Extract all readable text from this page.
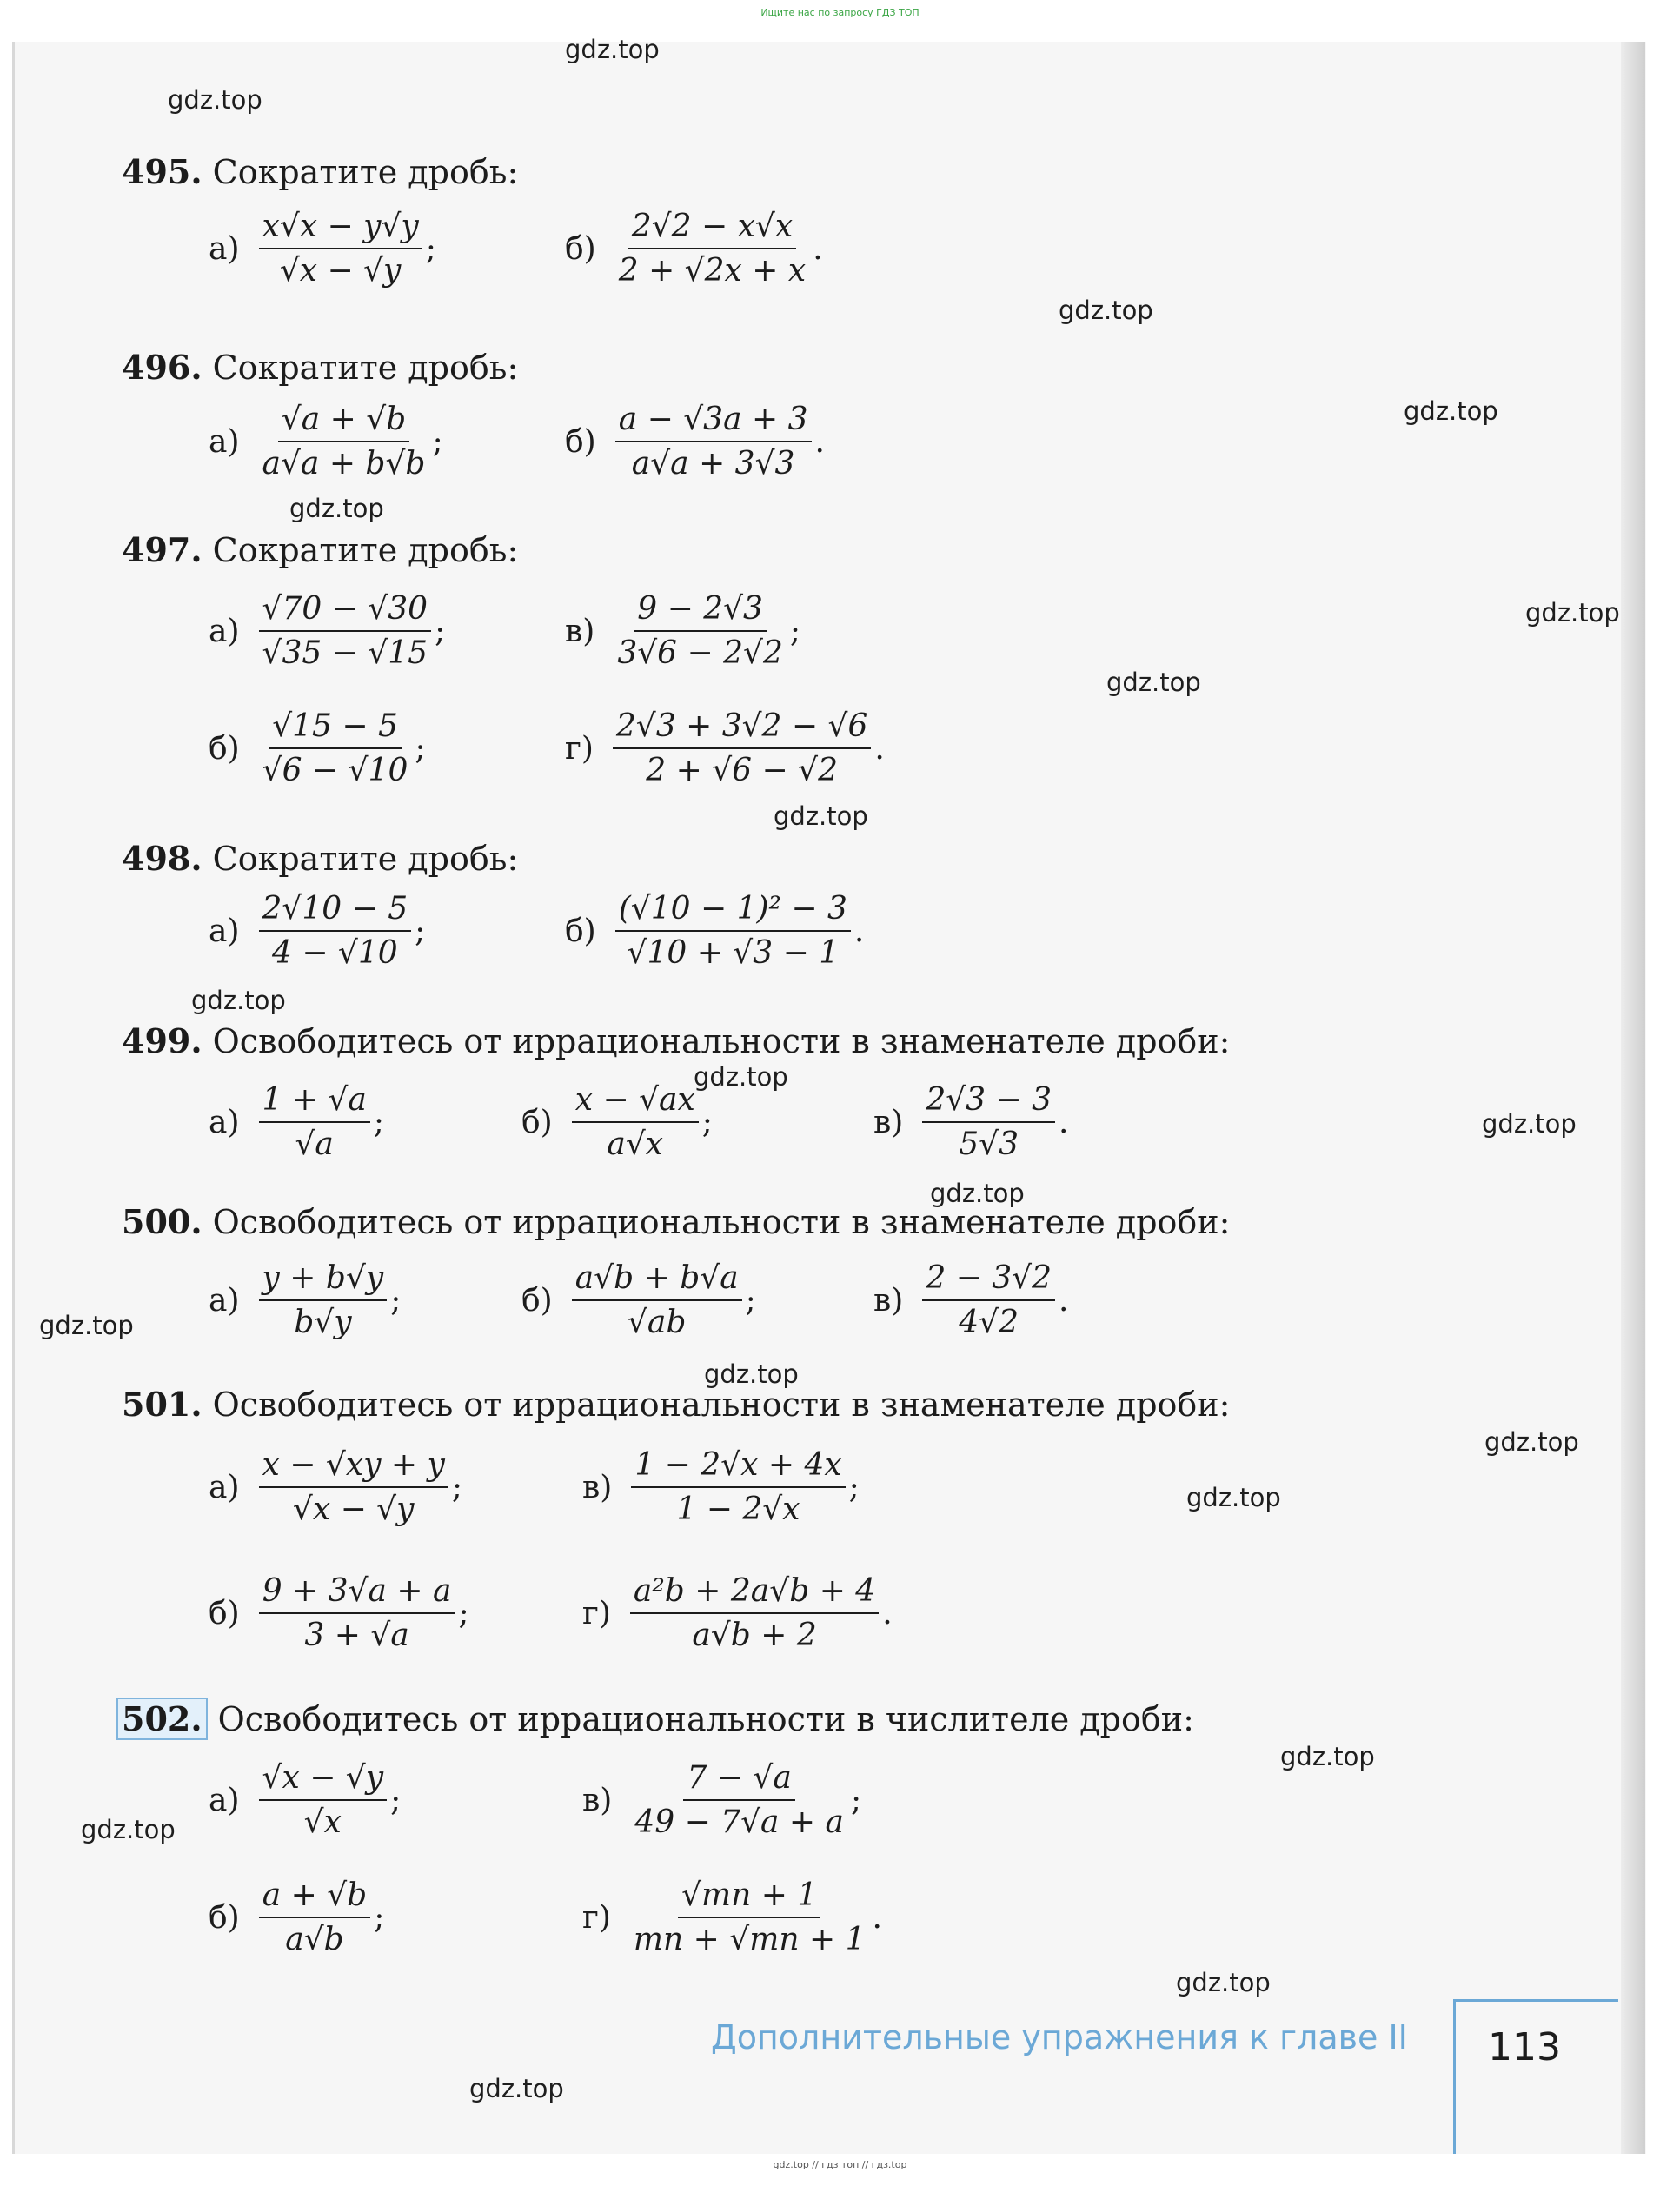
Ищите нас по запросу ГДЗ ТОП
gdz.top
gdz.top
gdz.top
gdz.top
gdz.top
gdz.top
gdz.top
gdz.top
gdz.top
gdz.top
gdz.top
gdz.top
gdz.top
gdz.top
gdz.top
gdz.top
gdz.top
gdz.top
gdz.top
gdz.top
495. Сократите дробь:
$а) \frac{x√x - y√y}{√x - √y}$ ;	$б) \frac{2√2 - x√x}{2 + √2x + x}$ .
496. Сократите дробь:
$а) \frac{√a + √b}{a√a + b√b}$ ;	$б) \frac{a - √3a + 3}{a√a + 3√3}$ .
497. Сократите дробь:
$а) \frac{√70 - √30}{√35 - √15}$ ;	$в) \frac{9 - 2√3}{3√6 - 2√2}$ ;
$б) \frac{√15 - 5}{√6 - √10}$ ;	$г) \frac{2√3 + 3√2 - √6}{2 + √6 - √2}$ .
498. Сократите дробь:
$а) \frac{2√10 - 5}{4 - √10}$ ;	$б) \frac{\text{(√10 − 1)² − 3}}{√10 + √3 - 1}$ .
499. Освободитесь от иррациональности в знаменателе дроби:
$а) \frac{1 + √a}{√a}$ ;	$б) \frac{x - √ax}{a√x}$ ;	$в) \frac{2√3 - 3}{5√3}$ .
500. Освободитесь от иррациональности в знаменателе дроби:
$а) \frac{y + b√y}{b√y}$ ;	$б) \frac{a√b + b√a}{√ab}$ ;	$в) \frac{2 - 3√2}{4√2}$ .
501. Освободитесь от иррациональности в знаменателе дроби:
$а) \frac{x - √xy + y}{√x - √y}$ ;	$в) \frac{1 - 2√x + 4x}{1 - 2√x}$ ;
$б) \frac{9 + 3√a + a}{3 + √a}$ ;	$г) \frac{\text{a²b + 2a√b + 4}}{a√b + 2}$ .
502. Освободитесь от иррациональности в числителе дроби:
$а) \frac{√x - √y}{√x}$ ;	$в) \frac{7 - √a}{49 - 7√a + a}$ ;
$б) \frac{a + √b}{a√b}$ ;	$г) \frac{√mn + 1}{mn + √mn + 1}$ .
Дополнительные упражнения к главе II 113
gdz.top // гдз топ // гдз.top
